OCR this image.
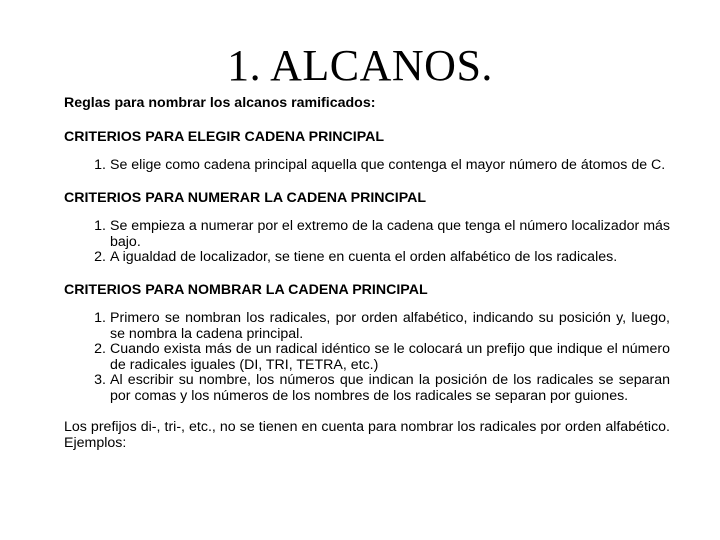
1. ALCANOS.

Reglas para nombrar los alcanos ramificados:

CRITERIOS PARA ELEGIR CADENA PRINCIPAL

1. Se elige como cadena principal aquella que contenga el mayor número de átomos de C.

CRITERIOS PARA NUMERAR LA CADENA PRINCIPAL

1. Se empieza a numerar por el extremo de la cadena que tenga el número localizador más bajo.
2. A igualdad de localizador, se tiene en cuenta el orden alfabético de los radicales.

CRITERIOS PARA NOMBRAR LA CADENA PRINCIPAL

1. Primero se nombran los radicales, por orden alfabético, indicando su posición y, luego, se nombra la cadena principal.
2. Cuando exista más de un radical idéntico se le colocará un prefijo que indique el número de radicales iguales (DI, TRI, TETRA, etc.)
3. Al escribir su nombre, los números que indican la posición de los radicales se separan por comas y los números de los nombres de los radicales se separan por guiones.

Los prefijos di-, tri-, etc., no se tienen en cuenta para nombrar los radicales por orden alfabético. Ejemplos:
